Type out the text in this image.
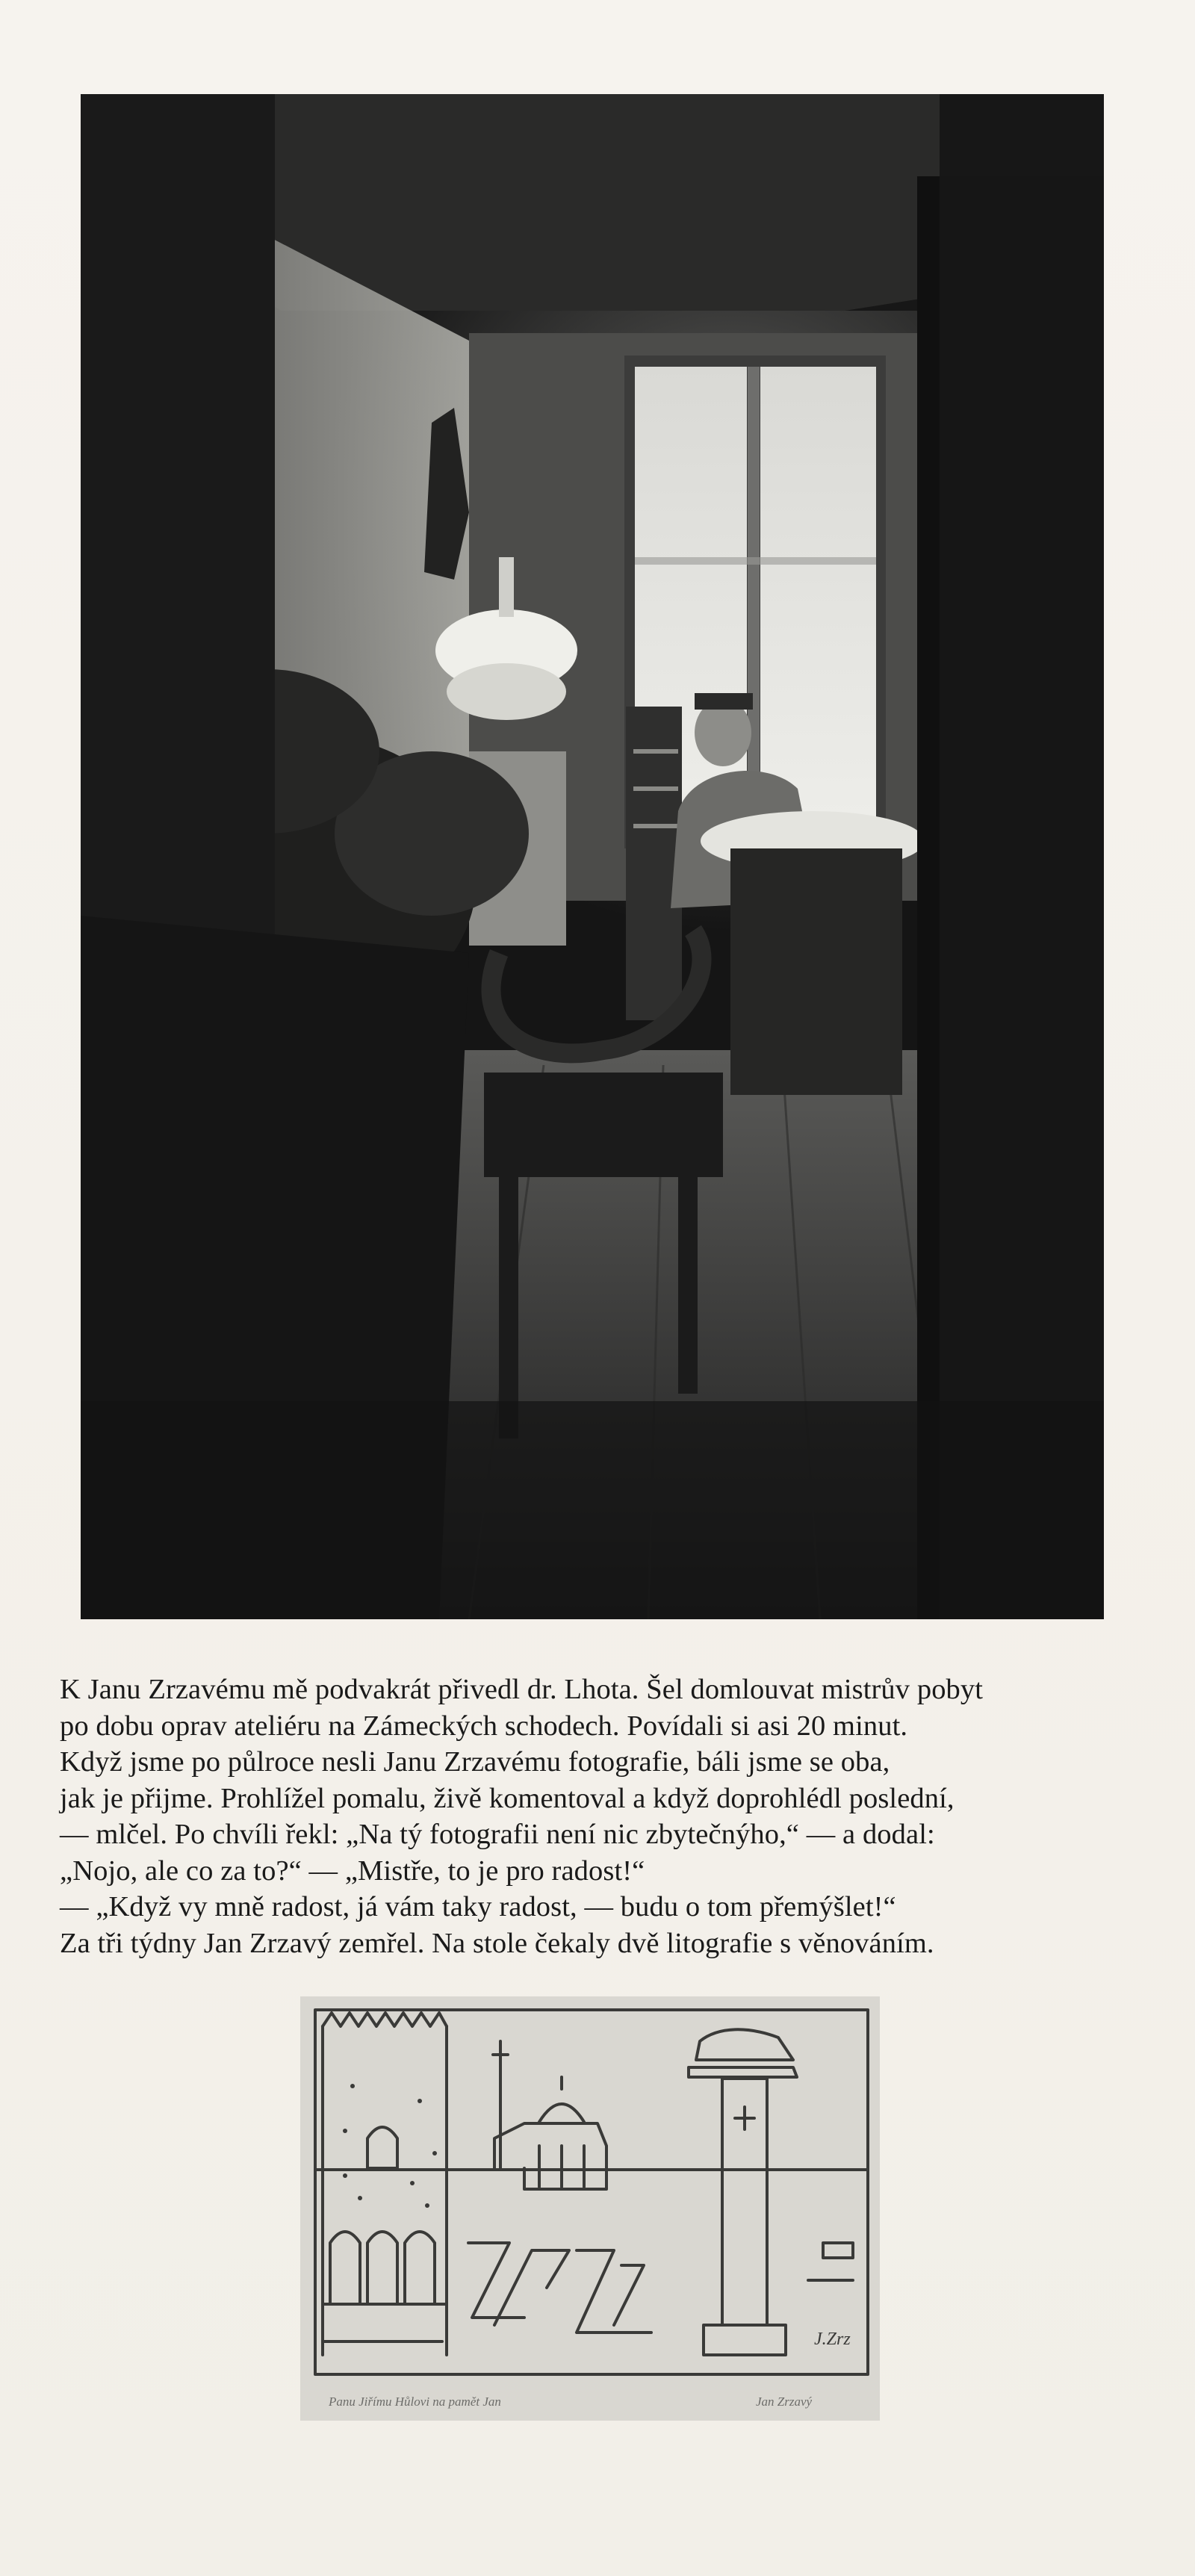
K Janu Zrzavému mě podvakrát přivedl dr. Lhota. Šel domlouvat mistrův pobyt
po dobu oprav ateliéru na Zámeckých schodech. Povídali si asi 20 minut.
Když jsme po půlroce nesli Janu Zrzavému fotografie, báli jsme se oba,
jak je přijme. Prohlížel pomalu, živě komentoval a když doprohlédl poslední,
— mlčel. Po chvíli řekl: „Na tý fotografii není nic zbytečnýho,“ — a dodal:
„Nojo, ale co za to?“ — „Mistře, to je pro radost!“
— „Když vy mně radost, já vám taky radost, — budu o tom přemýšlet!“
Za tři týdny Jan Zrzavý zemřel. Na stole čekaly dvě litografie s věnováním.
J.Zrz
Panu Jiřímu Hůlovi na pamět Jan	Jan Zrzavý
